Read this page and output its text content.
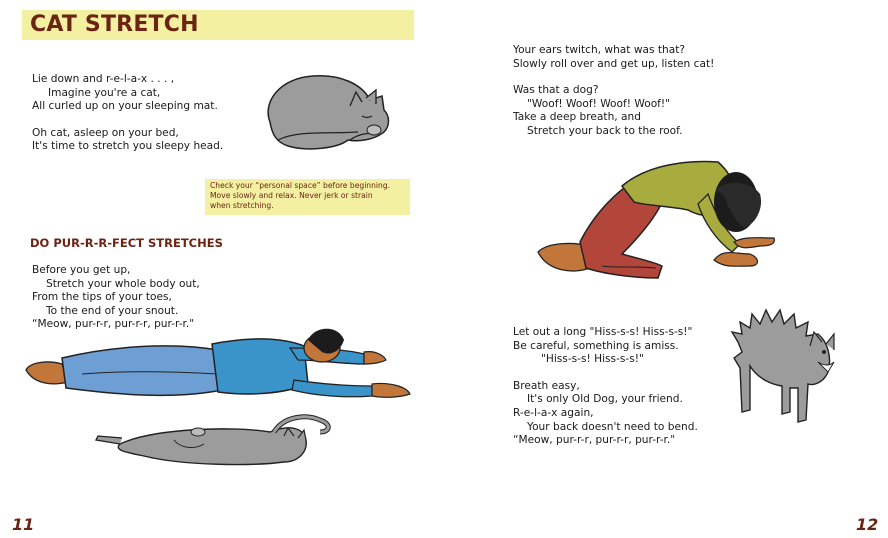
CAT STRETCH
Lie down and r-e-l-a-x . . . ,
Imagine you're a cat,
All curled up on your sleeping mat.
Oh cat, asleep on your bed,
It's time to stretch you sleepy head.
Check your “personal space” before beginning.
Move slowly and relax. Never jerk or strain
when stretching.
DO PUR-R-R-FECT STRETCHES
Before you get up,
Stretch your whole body out,
From the tips of your toes,
To the end of your snout.
“Meow, pur-r-r, pur-r-r, pur-r-r."
11
Your ears twitch, what was that?
Slowly roll over and get up, listen cat!
Was that a dog?
"Woof! Woof! Woof! Woof!"
Take a deep breath, and
Stretch your back to the roof.
Let out a long "Hiss-s-s! Hiss-s-s!"
Be careful, something is amiss.
"Hiss-s-s! Hiss-s-s!"
Breath easy,
It's only Old Dog, your friend.
R-e-l-a-x again,
Your back doesn't need to bend.
“Meow, pur-r-r, pur-r-r, pur-r-r."
12
